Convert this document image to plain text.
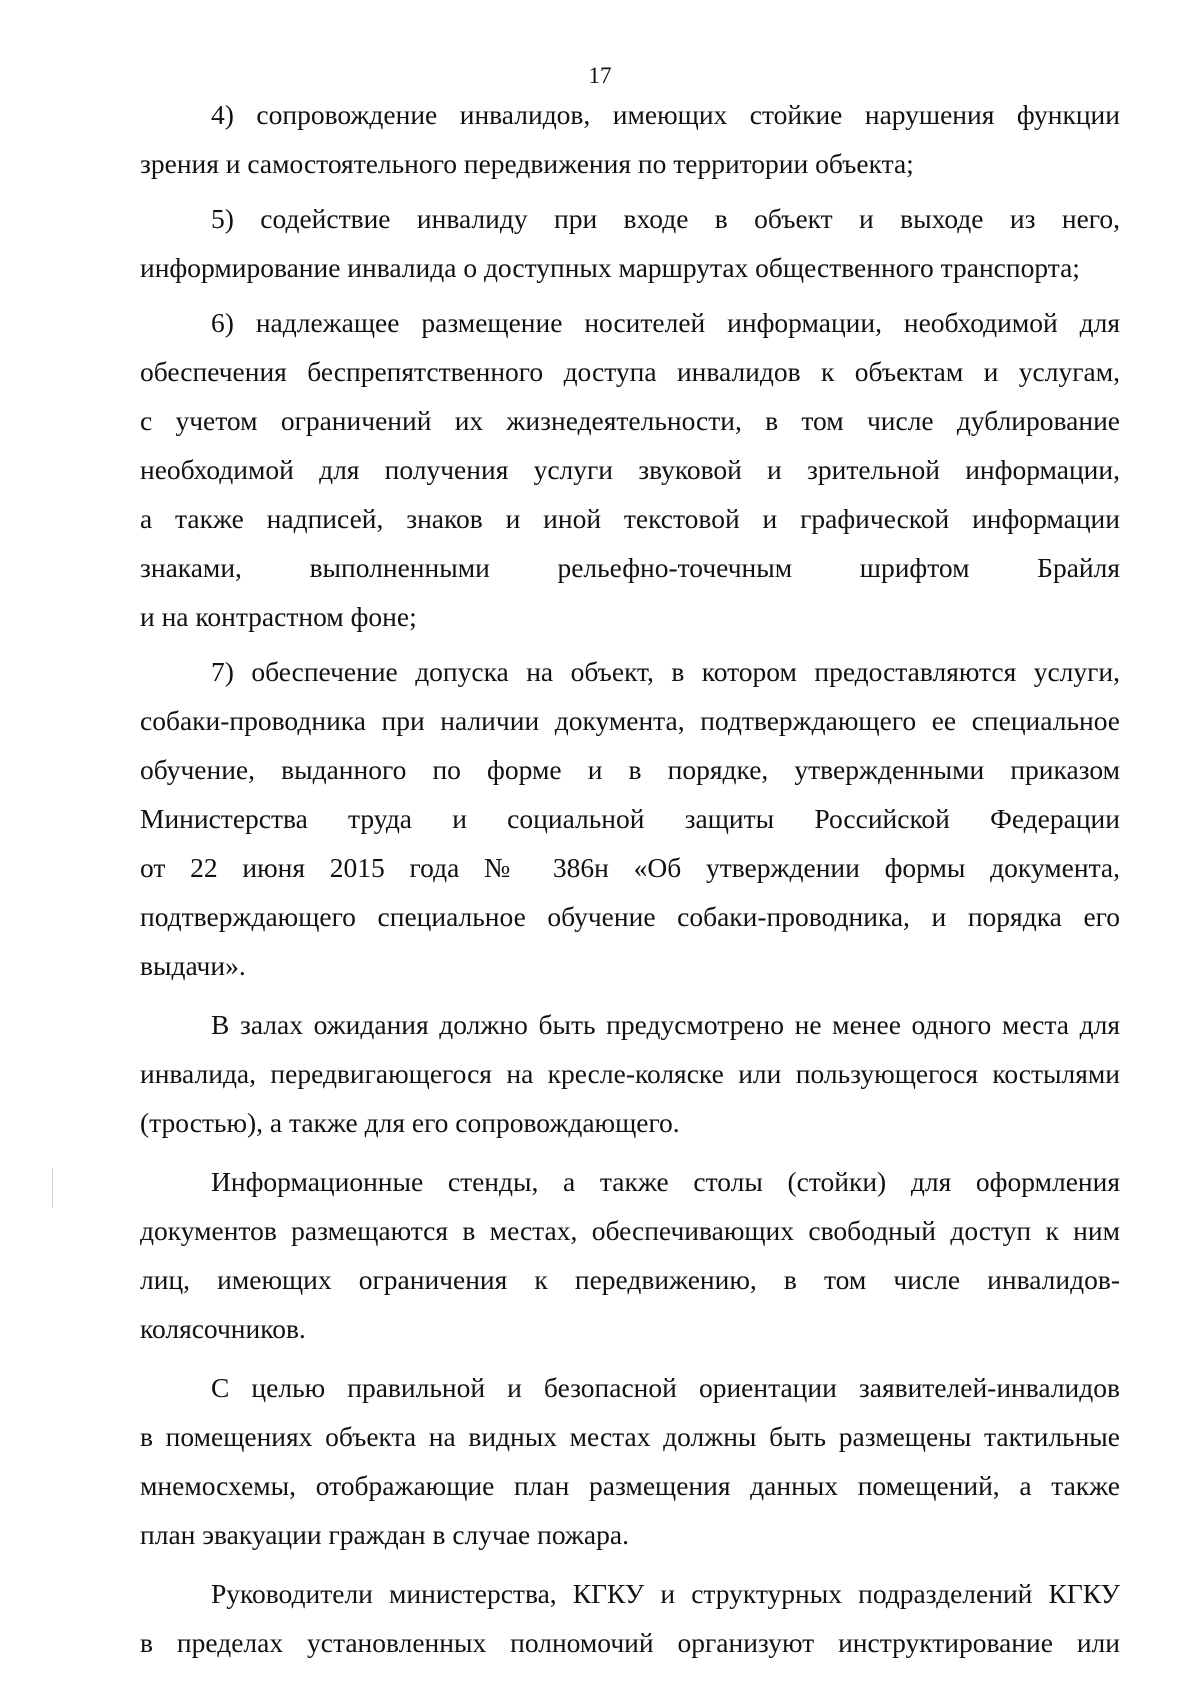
17
4) сопровождение инвалидов, имеющих стойкие нарушения функции
зрения и самостоятельного передвижения по территории объекта;
5) содействие инвалиду при входе в объект и выходе из него,
информирование инвалида о доступных маршрутах общественного транспорта;
6) надлежащее размещение носителей информации, необходимой для
обеспечения беспрепятственного доступа инвалидов к объектам и услугам,
с учетом ограничений их жизнедеятельности, в том числе дублирование
необходимой для получения услуги звуковой и зрительной информации,
а также надписей, знаков и иной текстовой и графической информации
знаками, выполненными рельефно-точечным шрифтом Брайля
и на контрастном фоне;
7) обеспечение допуска на объект, в котором предоставляются услуги,
собаки-проводника при наличии документа, подтверждающего ее специальное
обучение, выданного по форме и в порядке, утвержденными приказом
Министерства труда и социальной защиты Российской Федерации
от 22 июня 2015 года № 386н «Об утверждении формы документа,
подтверждающего специальное обучение собаки-проводника, и порядка его
выдачи».
В залах ожидания должно быть предусмотрено не менее одного места для
инвалида, передвигающегося на кресле-коляске или пользующегося костылями
(тростью), а также для его сопровождающего.
Информационные стенды, а также столы (стойки) для оформления
документов размещаются в местах, обеспечивающих свободный доступ к ним
лиц, имеющих ограничения к передвижению, в том числе инвалидов-
колясочников.
С целью правильной и безопасной ориентации заявителей-инвалидов
в помещениях объекта на видных местах должны быть размещены тактильные
мнемосхемы, отображающие план размещения данных помещений, а также
план эвакуации граждан в случае пожара.
Руководители министерства, КГКУ и структурных подразделений КГКУ
в пределах установленных полномочий организуют инструктирование или
